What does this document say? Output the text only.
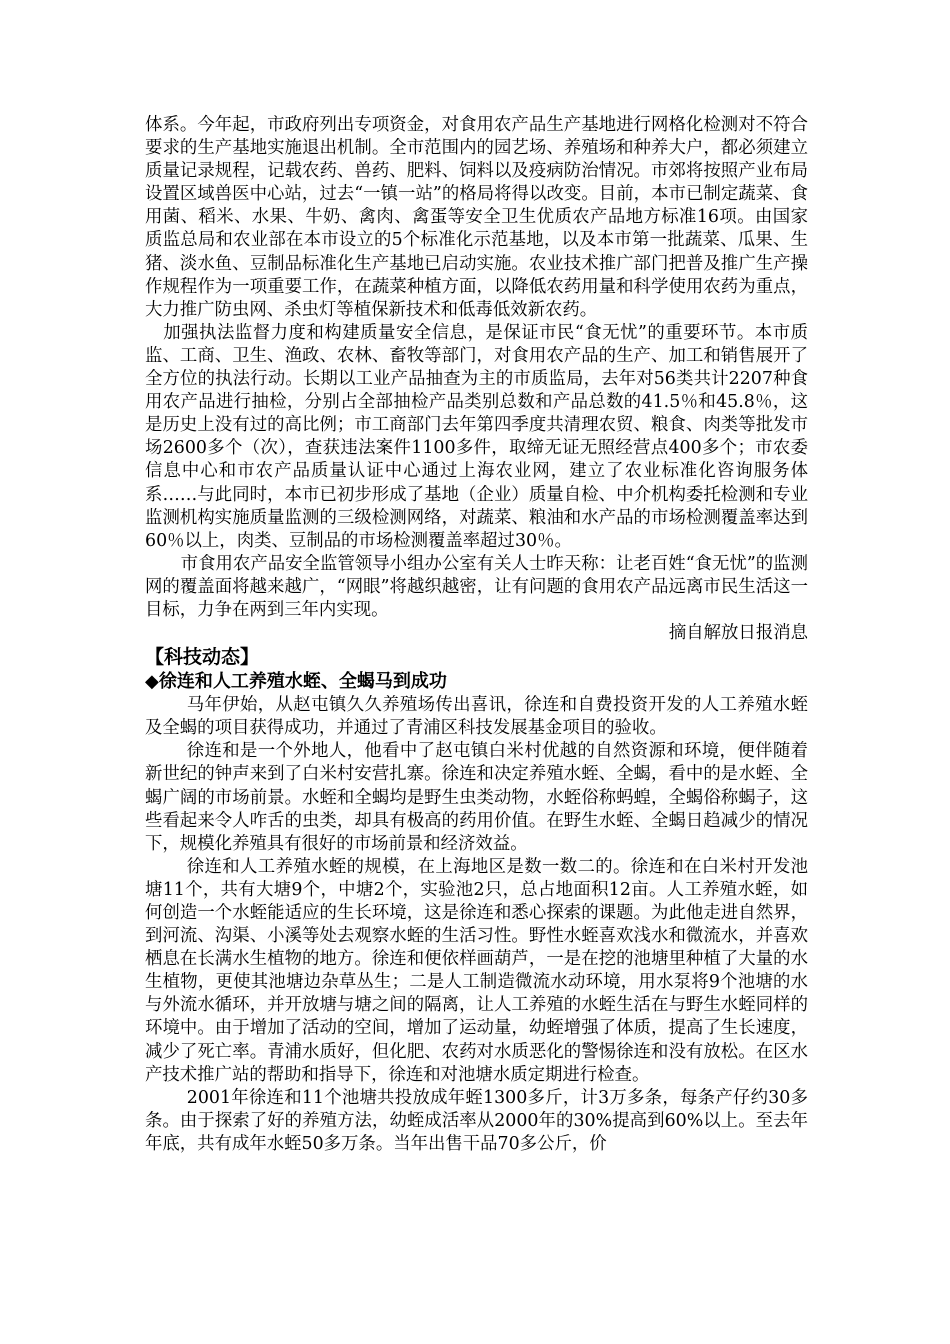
体系。今年起，市政府列出专项资金，对食用农产品生产基地进行网格化检测对不符合要求的生产基地实施退出机制。全市范围内的园艺场、养殖场和种养大户，都必须建立质量记录规程，记载农药、兽药、肥料、饲料以及疫病防治情况。市郊将按照产业布局设置区域兽医中心站，过去“一镇一站”的格局将得以改变。目前，本市已制定蔬菜、食用菌、稻米、水果、牛奶、禽肉、禽蛋等安全卫生优质农产品地方标准16项。由国家质监总局和农业部在本市设立的5个标准化示范基地，以及本市第一批蔬菜、瓜果、生猪、淡水鱼、豆制品标准化生产基地已启动实施。农业技术推广部门把普及推广生产操作规程作为一项重要工作，在蔬菜种植方面，以降低农药用量和科学使用农药为重点，大力推广防虫网、杀虫灯等植保新技术和低毒低效新农药。

加强执法监督力度和构建质量安全信息，是保证市民“食无忧”的重要环节。本市质监、工商、卫生、渔政、农林、畜牧等部门，对食用农产品的生产、加工和销售展开了全方位的执法行动。长期以工业产品抽查为主的市质监局，去年对56类共计2207种食用农产品进行抽检，分别占全部抽检产品类别总数和产品总数的41.5％和45.8％，这是历史上没有过的高比例；市工商部门去年第四季度共清理农贸、粮食、肉类等批发市场2600多个（次），查获违法案件1100多件，取缔无证无照经营点400多个；市农委信息中心和市农产品质量认证中心通过上海农业网，建立了农业标准化咨询服务体系……与此同时，本市已初步形成了基地（企业）质量自检、中介机构委托检测和专业监测机构实施质量监测的三级检测网络，对蔬菜、粮油和水产品的市场检测覆盖率达到60％以上，肉类、豆制品的市场检测覆盖率超过30％。

市食用农产品安全监管领导小组办公室有关人士昨天称：让老百姓“食无忧”的监测网的覆盖面将越来越广，“网眼”将越织越密，让有问题的食用农产品远离市民生活这一目标，力争在两到三年内实现。

摘自解放日报消息

【科技动态】

◆徐连和人工养殖水蛭、全蝎马到成功

马年伊始，从赵屯镇久久养殖场传出喜讯，徐连和自费投资开发的人工养殖水蛭及全蝎的项目获得成功，并通过了青浦区科技发展基金项目的验收。

徐连和是一个外地人，他看中了赵屯镇白米村优越的自然资源和环境，便伴随着新世纪的钟声来到了白米村安营扎寨。徐连和决定养殖水蛭、全蝎，看中的是水蛭、全蝎广阔的市场前景。水蛭和全蝎均是野生虫类动物，水蛭俗称蚂蝗，全蝎俗称蝎子，这些看起来令人咋舌的虫类，却具有极高的药用价值。在野生水蛭、全蝎日趋减少的情况下，规模化养殖具有很好的市场前景和经济效益。

徐连和人工养殖水蛭的规模，在上海地区是数一数二的。徐连和在白米村开发池塘11个，共有大塘9个，中塘2个，实验池2只，总占地面积12亩。人工养殖水蛭，如何创造一个水蛭能适应的生长环境，这是徐连和悉心探索的课题。为此他走进自然界，到河流、沟渠、小溪等处去观察水蛭的生活习性。野性水蛭喜欢浅水和微流水，并喜欢栖息在长满水生植物的地方。徐连和便依样画葫芦，一是在挖的池塘里种植了大量的水生植物，更使其池塘边杂草丛生；二是人工制造微流水动环境，用水泵将9个池塘的水与外流水循环，并开放塘与塘之间的隔离，让人工养殖的水蛭生活在与野生水蛭同样的环境中。由于增加了活动的空间，增加了运动量，幼蛭增强了体质，提高了生长速度，减少了死亡率。青浦水质好，但化肥、农药对水质恶化的警惕徐连和没有放松。在区水产技术推广站的帮助和指导下，徐连和对池塘水质定期进行检查。

2001年徐连和11个池塘共投放成年蛭1300多斤，计3万多条，每条产仔约30多条。由于探索了好的养殖方法，幼蛭成活率从2000年的30%提高到60%以上。至去年年底，共有成年水蛭50多万条。当年出售干品70多公斤，价
